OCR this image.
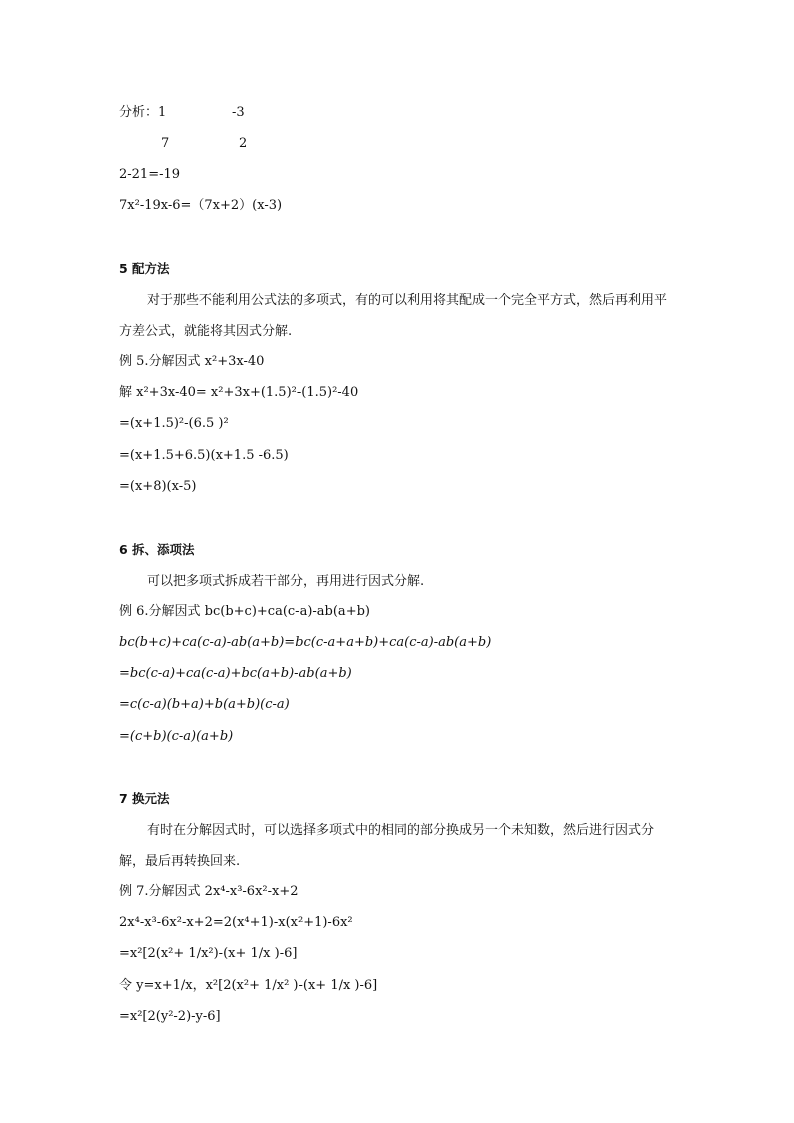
分析：1	-3
7	2
2-21=-19
7x²-19x-6=（7x+2）(x-3)
5 配方法
对于那些不能利用公式法的多项式，有的可以利用将其配成一个完全平方式，然后再利用平方差公式，就能将其因式分解.
例 5.分解因式 x²+3x-40
解 x²+3x-40= x²+3x+(1.5)²-(1.5)²-40
=(x+1.5)²-(6.5 )²
=(x+1.5+6.5)(x+1.5 -6.5)
=(x+8)(x-5)
6 拆、添项法
可以把多项式拆成若干部分，再用进行因式分解.
例 6.分解因式 bc(b+c)+ca(c-a)-ab(a+b)
bc(b+c)+ca(c-a)-ab(a+b)=bc(c-a+a+b)+ca(c-a)-ab(a+b)
=bc(c-a)+ca(c-a)+bc(a+b)-ab(a+b)
=c(c-a)(b+a)+b(a+b)(c-a)
=(c+b)(c-a)(a+b)
7 换元法
有时在分解因式时，可以选择多项式中的相同的部分换成另一个未知数，然后进行因式分解，最后再转换回来.
例 7.分解因式 2x⁴-x³-6x²-x+2
2x⁴-x³-6x²-x+2=2(x⁴+1)-x(x²+1)-6x²
=x²[2(x²+ 1/x²)-(x+ 1/x )-6]
令 y=x+1/x，x²[2(x²+ 1/x² )-(x+ 1/x )-6]
=x²[2(y²-2)-y-6]
